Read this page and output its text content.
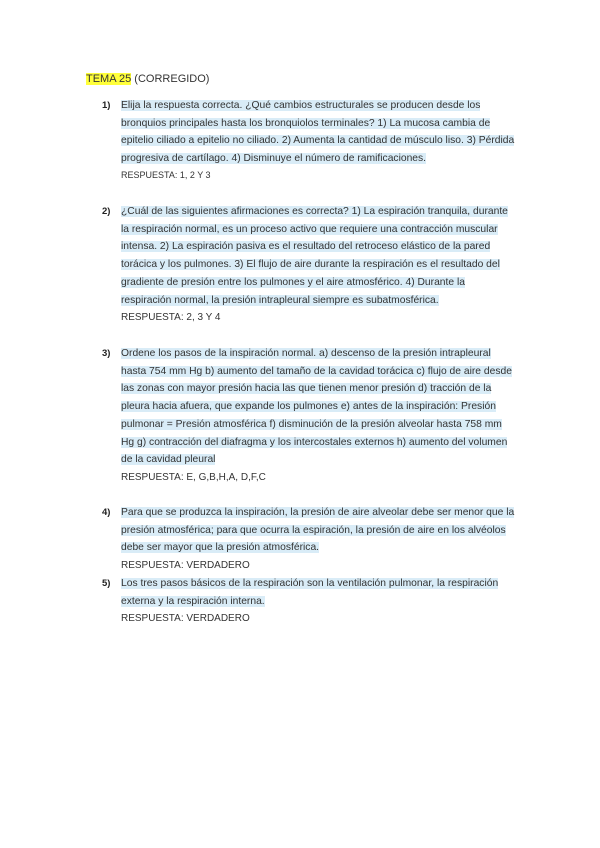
TEMA 25 (CORREGIDO)
1) Elija la respuesta correcta. ¿Qué cambios estructurales se producen desde los bronquios principales hasta los bronquiolos terminales? 1) La mucosa cambia de epitelio ciliado a epitelio no ciliado. 2) Aumenta la cantidad de músculo liso. 3) Pérdida progresiva de cartílago. 4) Disminuye el número de ramificaciones.
RESPUESTA: 1, 2 Y 3
2) ¿Cuál de las siguientes afirmaciones es correcta? 1) La espiración tranquila, durante la respiración normal, es un proceso activo que requiere una contracción muscular intensa. 2) La espiración pasiva es el resultado del retroceso elástico de la pared torácica y los pulmones. 3) El flujo de aire durante la respiración es el resultado del gradiente de presión entre los pulmones y el aire atmosférico. 4) Durante la respiración normal, la presión intrapleural siempre es subatmosférica.
RESPUESTA: 2, 3 Y 4
3) Ordene los pasos de la inspiración normal. a) descenso de la presión intrapleural hasta 754 mm Hg b) aumento del tamaño de la cavidad torácica c) flujo de aire desde las zonas con mayor presión hacia las que tienen menor presión d) tracción de la pleura hacia afuera, que expande los pulmones e) antes de la inspiración: Presión pulmonar = Presión atmosférica f) disminución de la presión alveolar hasta 758 mm Hg g) contracción del diafragma y los intercostales externos h) aumento del volumen de la cavidad pleural
RESPUESTA: E, G,B,H,A, D,F,C
4) Para que se produzca la inspiración, la presión de aire alveolar debe ser menor que la presión atmosférica; para que ocurra la espiración, la presión de aire en los alvéolos debe ser mayor que la presión atmosférica.
RESPUESTA: VERDADERO
5) Los tres pasos básicos de la respiración son la ventilación pulmonar, la respiración externa y la respiración interna.
RESPUESTA: VERDADERO
